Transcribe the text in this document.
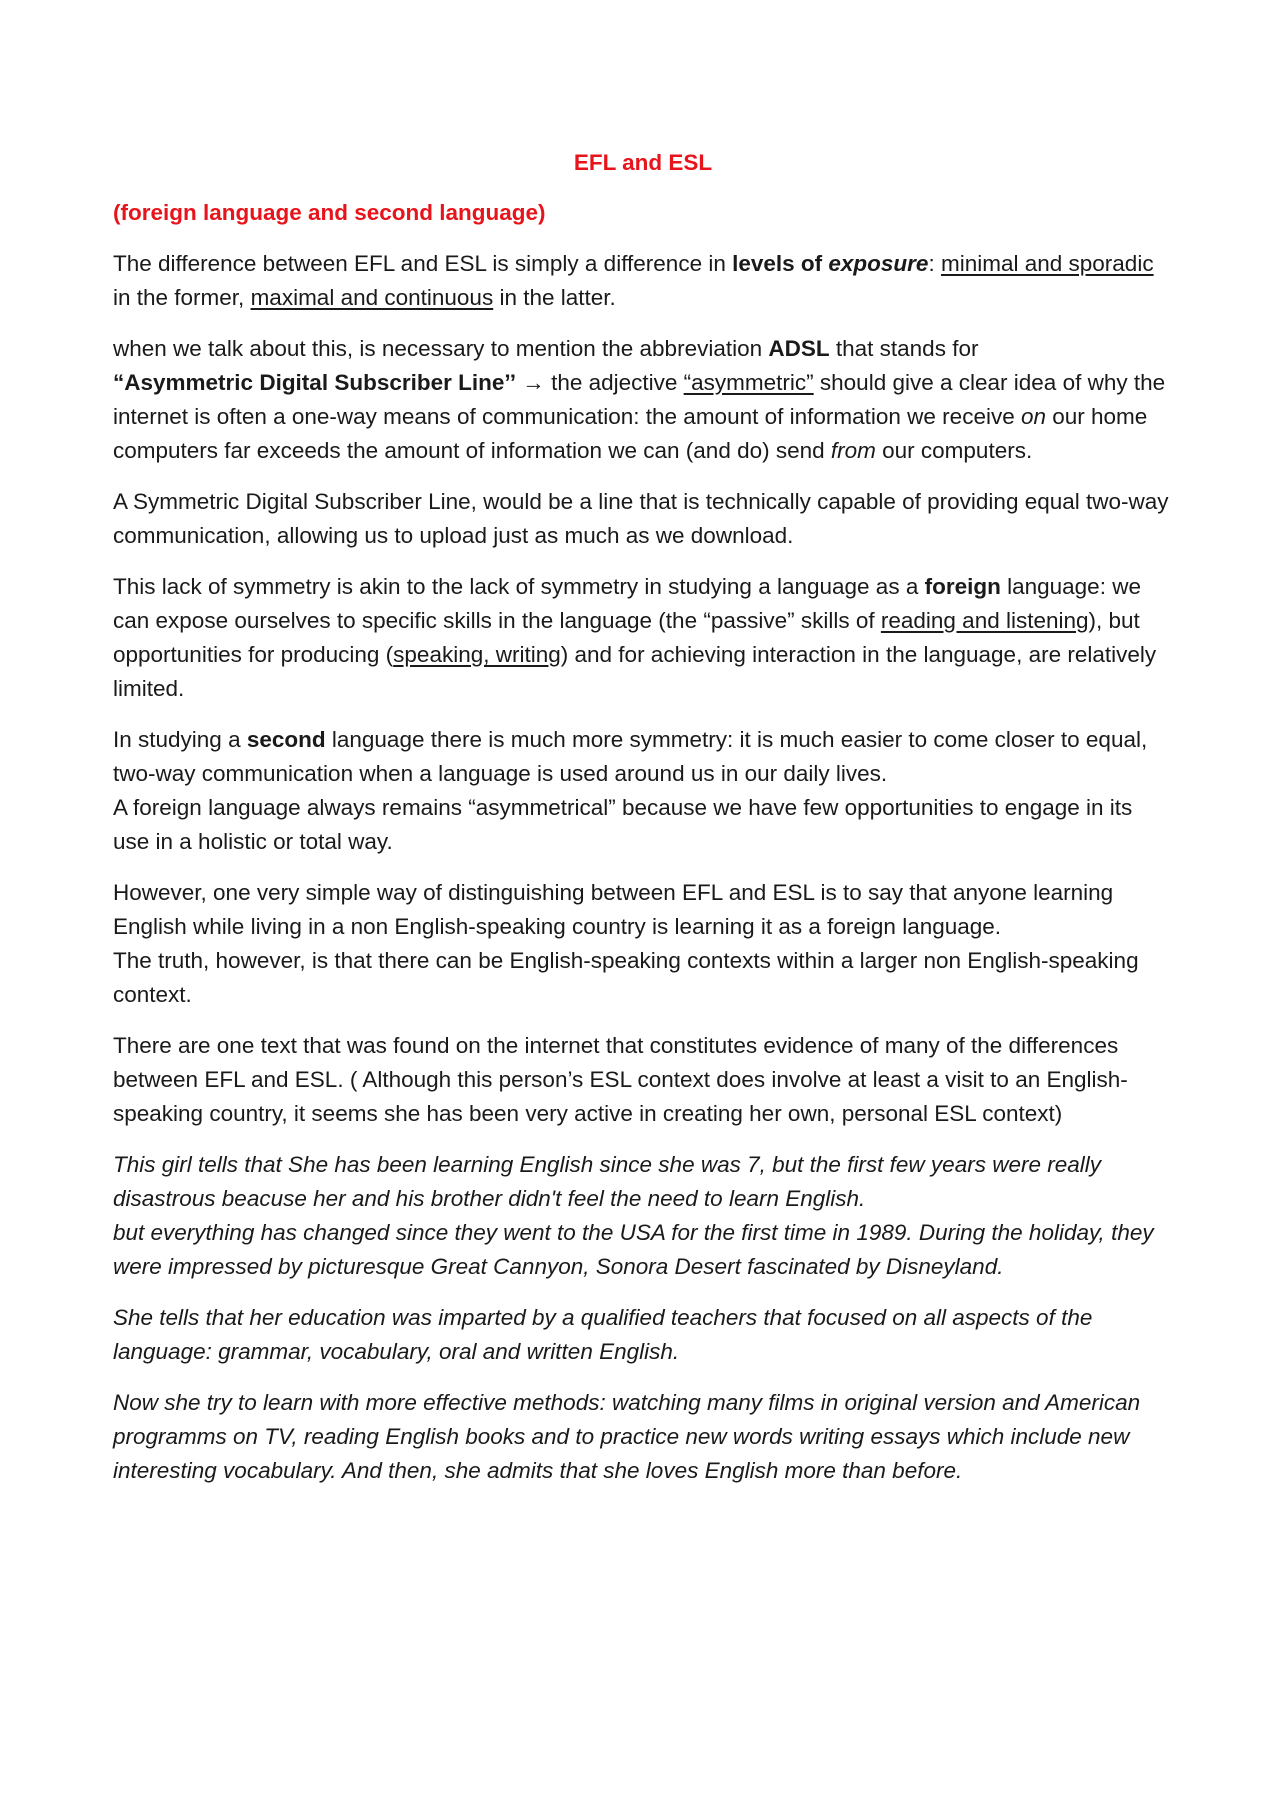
EFL and ESL
(foreign language and second language)

The difference between EFL and ESL is simply a difference in levels of exposure: minimal and sporadic in the former, maximal and continuous in the latter.

when we talk about this, is necessary to mention the abbreviation ADSL that stands for
“Asymmetric Digital Subscriber Line’’ → the adjective “asymmetric” should give a clear idea of why the internet is often a one-way means of communication: the amount of information we receive on our home computers far exceeds the amount of information we can (and do) send from our computers.

A Symmetric Digital Subscriber Line, would be a line that is technically capable of providing equal two-way communication, allowing us to upload just as much as we download.

This lack of symmetry is akin to the lack of symmetry in studying a language as a foreign language: we can expose ourselves to specific skills in the language (the “passive” skills of reading and listening), but opportunities for producing (speaking, writing) and for achieving interaction in the language, are relatively limited.

In studying a second language there is much more symmetry: it is much easier to come closer to equal, two-way communication when a language is used around us in our daily lives.
A foreign language always remains “asymmetrical” because we have few opportunities to engage in its use in a holistic or total way.

However, one very simple way of distinguishing between EFL and ESL is to say that anyone learning English while living in a non English-speaking country is learning it as a foreign language.
The truth, however, is that there can be English-speaking contexts within a larger non English-speaking context.

There are one text that was found on the internet that constitutes evidence of many of the differences between EFL and ESL. ( Although this person’s ESL context does involve at least a visit to an English-speaking country, it seems she has been very active in creating her own, personal ESL context)

This girl tells that She has been learning English since she was 7, but the first few years were really disastrous beacuse her and his brother didn't feel the need to learn English.
but everything has changed since they went to the USA for the first time in 1989. During the holiday, they were impressed by picturesque Great Cannyon, Sonora Desert fascinated by Disneyland.

She tells that her education was imparted by a qualified teachers that focused on all aspects of the language: grammar, vocabulary, oral and written English.

Now she try to learn with more effective methods: watching many films in original version and American programms on TV, reading English books and to practice new words writing essays which include new interesting vocabulary. And then, she admits that she loves English more than before.
